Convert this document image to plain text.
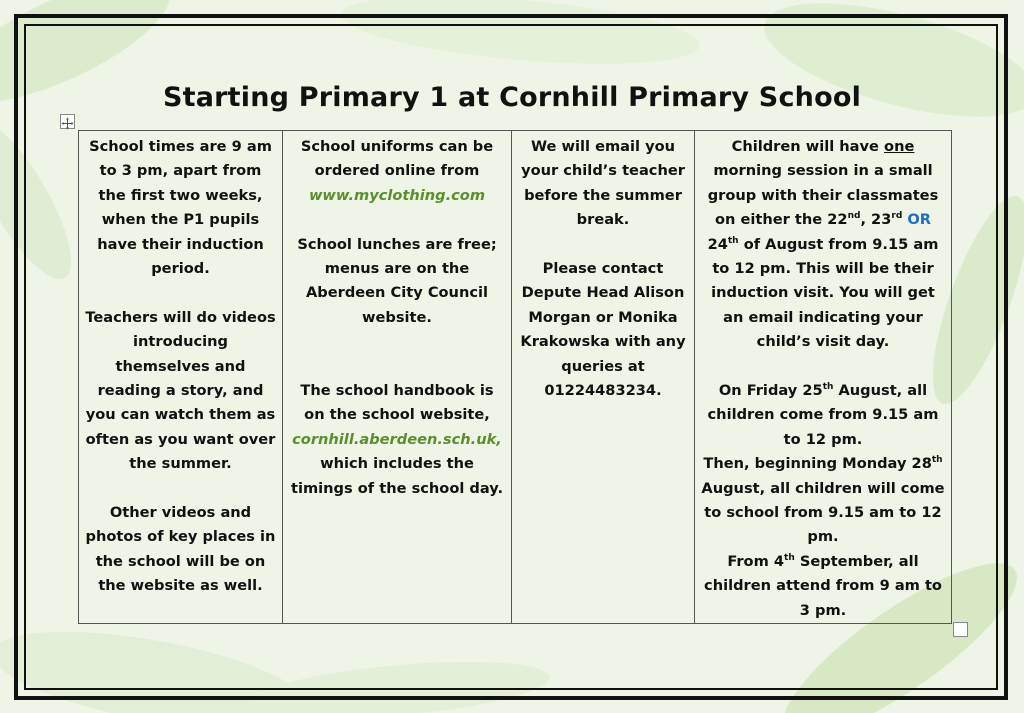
Starting Primary 1 at Cornhill Primary School
School times are 9 am to 3 pm, apart from the first two weeks, when the P1 pupils have their induction period.
Teachers will do videos introducing themselves and reading a story, and you can watch them as often as you want over the summer.
Other videos and photos of key places in the school will be on the website as well.

School uniforms can be ordered online from www.myclothing.com
School lunches are free; menus are on the Aberdeen City Council website.
The school handbook is on the school website, cornhill.aberdeen.sch.uk, which includes the timings of the school day.

We will email you your child’s teacher before the summer break.
Please contact Depute Head Alison Morgan or Monika Krakowska with any queries at 01224483234.

Children will have one morning session in a small group with their classmates on either the 22nd, 23rd OR 24th of August from 9.15 am to 12 pm. This will be their induction visit. You will get an email indicating your child’s visit day.
On Friday 25th August, all children come from 9.15 am to 12 pm.
Then, beginning Monday 28th August, all children will come to school from 9.15 am to 12 pm.
From 4th September, all children attend from 9 am to 3 pm.
